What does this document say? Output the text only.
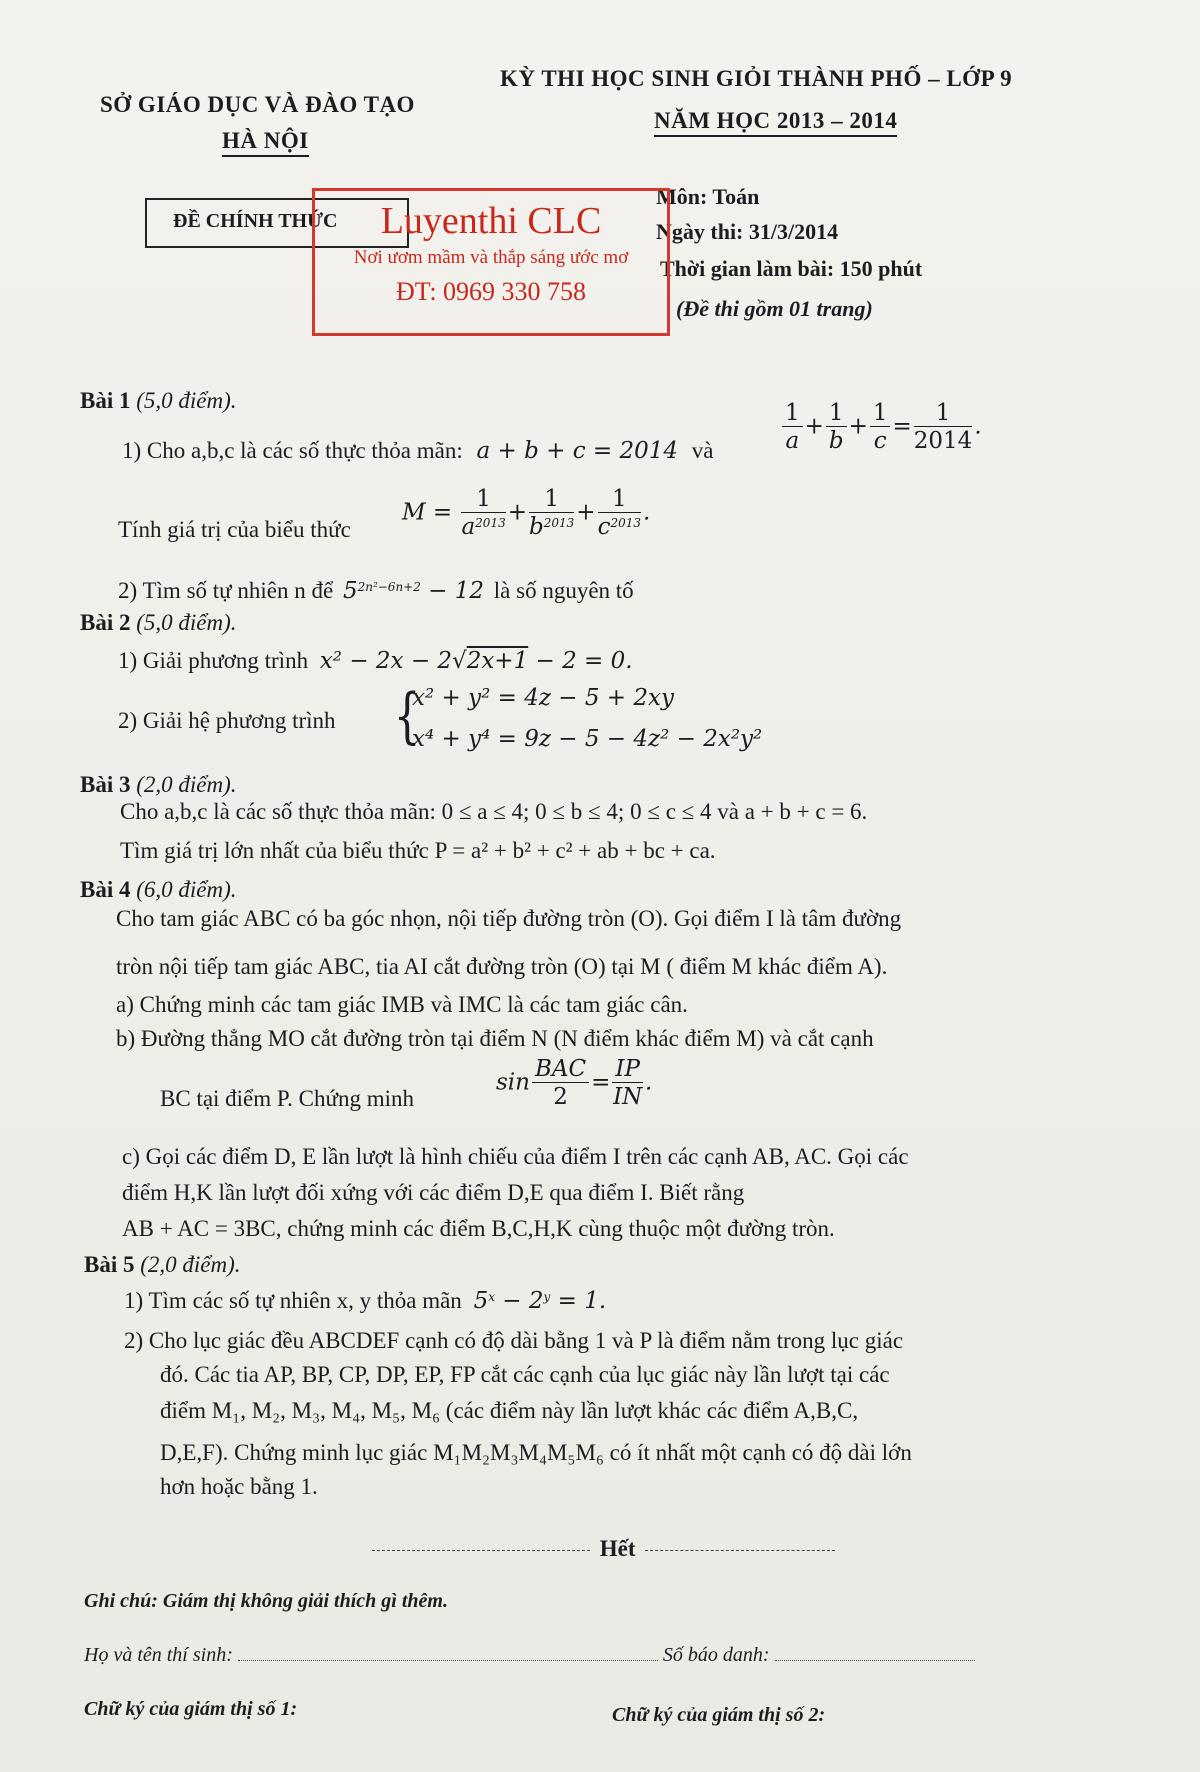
SỞ GIÁO DỤC VÀ ĐÀO TẠO
HÀ NỘI
KỲ THI HỌC SINH GIỎI THÀNH PHỐ – LỚP 9
NĂM HỌC 2013 – 2014
ĐỀ CHÍNH THỨC
Môn: Toán
Ngày thi: 31/3/2014
Thời gian làm bài: 150 phút
(Đề thi gồm 01 trang)
Luyenthi CLC
Nơi ươm mầm và thắp sáng ước mơ
ĐT: 0969 330 758
Bài 1 (5,0 điểm).
1) Cho a,b,c là các số thực thỏa mãn: a + b + c = 2014 và	$\frac{1}{a} + \frac{1}{b} + \frac{1}{c} = \frac{1}{2014}$ .
Tính giá trị của biểu thức
$M = \frac{1}{a^{2013}} + \frac{1}{b^{2013}} + \frac{1}{c^{2013}}$ .
2) Tìm số tự nhiên n để $5^{2n^2-6n+2} - 12$ là số nguyên tố
Bài 2 (5,0 điểm).
1) Giải phương trình x² − 2x − 2√2x+1 − 2 = 0.
2) Giải hệ phương trình {
x² + y² = 4z − 5 + 2xy
x⁴ + y⁴ = 9z − 5 − 4z² − 2x²y²
Bài 3 (2,0 điểm).
Cho a,b,c là các số thực thỏa mãn: 0 ≤ a ≤ 4; 0 ≤ b ≤ 4; 0 ≤ c ≤ 4 và a + b + c = 6.
Tìm giá trị lớn nhất của biểu thức P = a² + b² + c² + ab + bc + ca.
Bài 4 (6,0 điểm).
Cho tam giác ABC có ba góc nhọn, nội tiếp đường tròn (O). Gọi điểm I là tâm đường
tròn nội tiếp tam giác ABC, tia AI cắt đường tròn (O) tại M ( điểm M khác điểm A).
a) Chứng minh các tam giác IMB và IMC là các tam giác cân.
b) Đường thẳng MO cắt đường tròn tại điểm N (N điểm khác điểm M) và cắt cạnh
BC tại điểm P. Chứng minh
$\sin \frac{\text{BAC}}{2} = \frac{IP}{IN}$ .
c) Gọi các điểm D, E lần lượt là hình chiếu của điểm I trên các cạnh AB, AC. Gọi các
điểm H,K lần lượt đối xứng với các điểm D,E qua điểm I. Biết rằng
AB + AC = 3BC, chứng minh các điểm B,C,H,K cùng thuộc một đường tròn.
Bài 5 (2,0 điểm).
1) Tìm các số tự nhiên x, y thỏa mãn $5^x - 2^y = 1$.
2) Cho lục giác đều ABCDEF cạnh có độ dài bằng 1 và P là điểm nằm trong lục giác
đó. Các tia AP, BP, CP, DP, EP, FP cắt các cạnh của lục giác này lần lượt tại các
điểm M₁, M₂, M₃, M₄, M₅, M₆ (các điểm này lần lượt khác các điểm A,B,C,
D,E,F). Chứng minh lục giác M₁M₂M₃M₄M₅M₆ có ít nhất một cạnh có độ dài lớn
hơn hoặc bằng 1.
Hết
Ghi chú: Giám thị không giải thích gì thêm.
Họ và tên thí sinh:	Số báo danh:
Chữ ký của giám thị số 1:	Chữ ký của giám thị số 2:
